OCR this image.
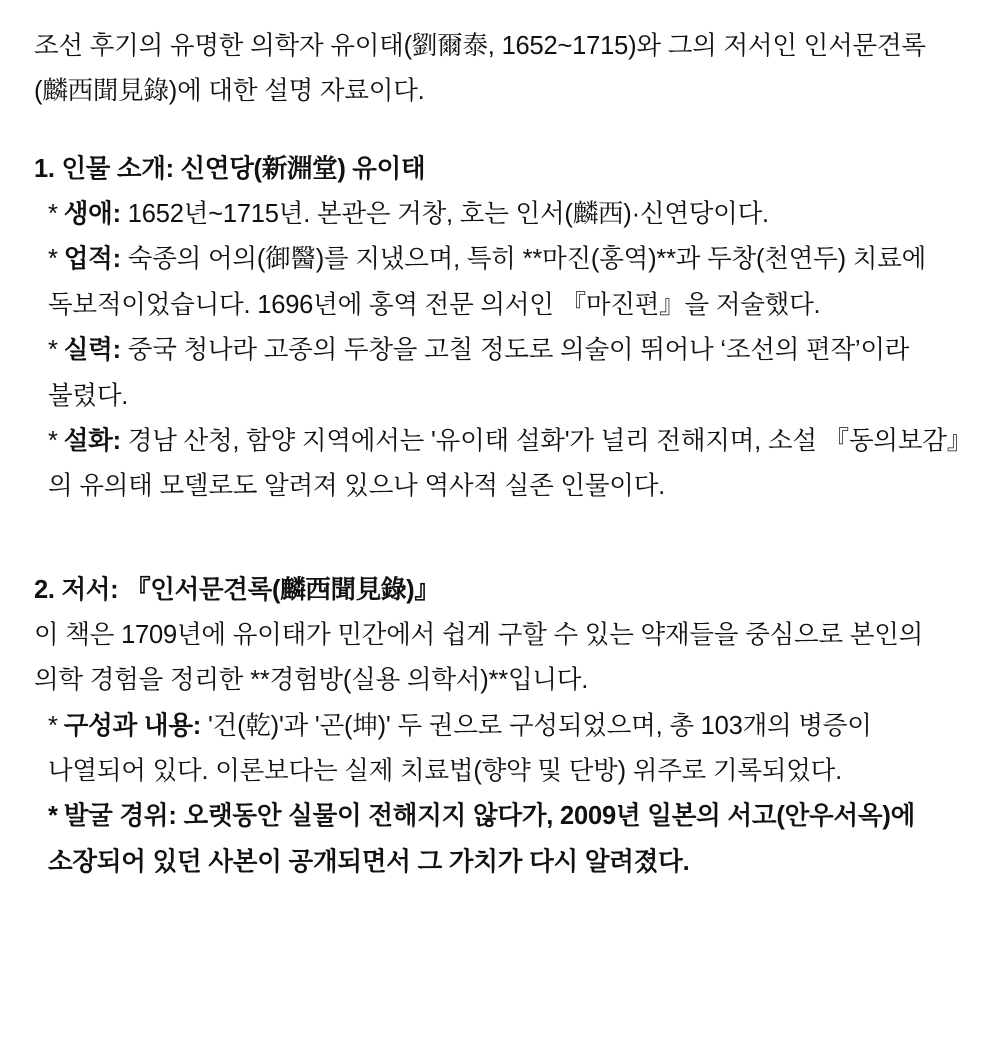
조선 후기의 유명한 의학자 유이태(劉爾泰, 1652~1715)와 그의 저서인 인서문견록(麟西聞見錄)에 대한 설명 자료이다.

1. 인물 소개: 신연당(新淵堂) 유이태

* 생애: 1652년~1715년. 본관은 거창, 호는 인서(麟西)·신연당이다.

* 업적: 숙종의 어의(御醫)를 지냈으며, 특히 **마진(홍역)**과 두창(천연두) 치료에 독보적이었습니다. 1696년에 홍역 전문 의서인 『마진편』을 저술했다.

* 실력: 중국 청나라 고종의 두창을 고칠 정도로 의술이 뛰어나 ‘조선의 편작’이라 불렸다.

* 설화: 경남 산청, 함양 지역에서는 '유이태 설화'가 널리 전해지며, 소설 『동의보감』의 유의태 모델로도 알려져 있으나 역사적 실존 인물이다.

2. 저서: 『인서문견록(麟西聞見錄)』

이 책은 1709년에 유이태가 민간에서 쉽게 구할 수 있는 약재들을 중심으로 본인의 의학 경험을 정리한 **경험방(실용 의학서)**입니다.

* 구성과 내용: '건(乾)'과 '곤(坤)' 두 권으로 구성되었으며, 총 103개의 병증이 나열되어 있다. 이론보다는 실제 치료법(향약 및 단방) 위주로 기록되었다.

* 발굴 경위: 오랫동안 실물이 전해지지 않다가, 2009년 일본의 서고(안우서옥)에 소장되어 있던 사본이 공개되면서 그 가치가 다시 알려졌다.
